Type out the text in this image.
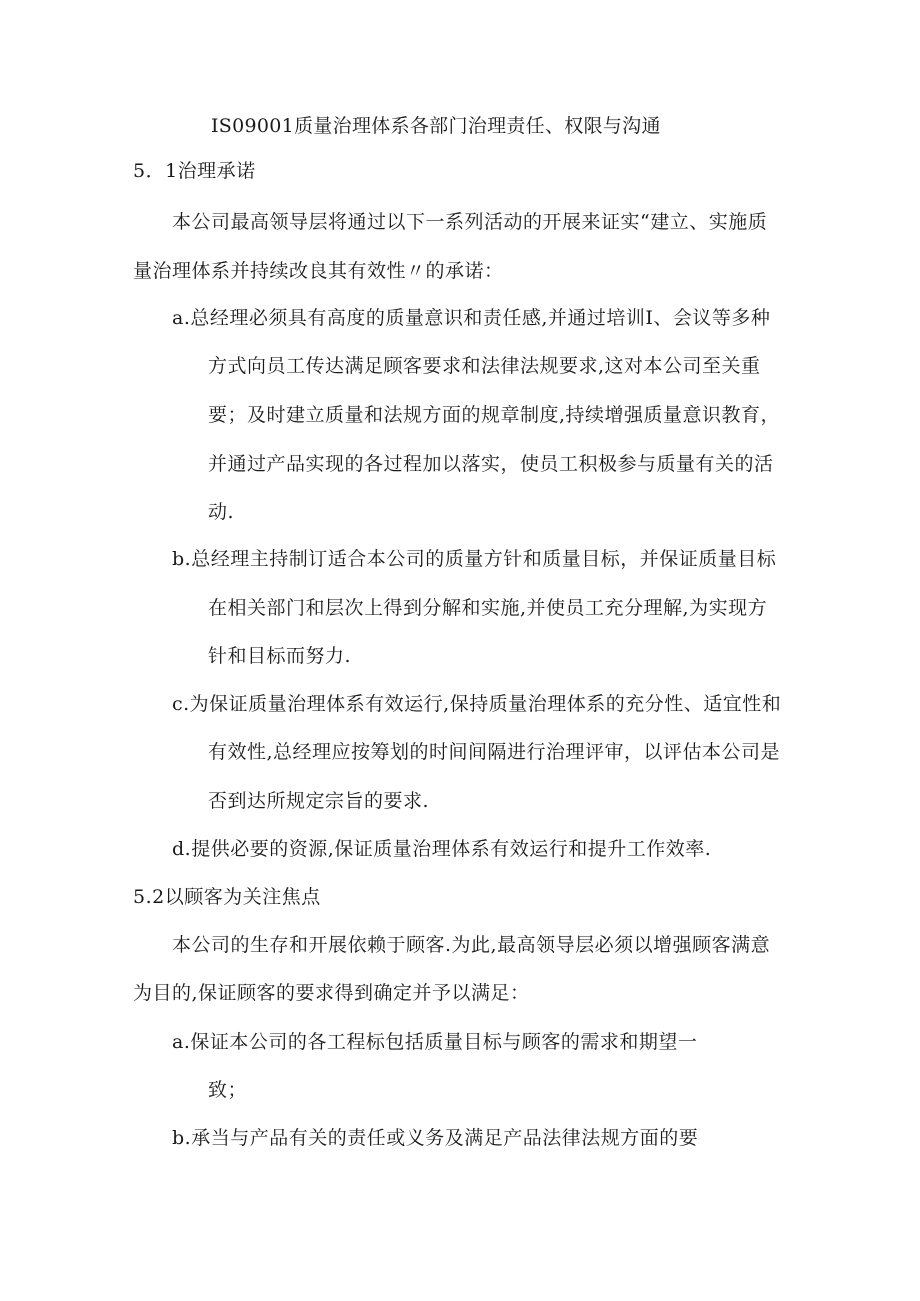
IS09001质量治理体系各部门治理责任、权限与沟通
5．1治理承诺
本公司最高领导层将通过以下一系列活动的开展来证实“建立、实施质
量治理体系并持续改良其有效性〃的承诺：
a.总经理必须具有高度的质量意识和责任感,并通过培训I、会议等多种
方式向员工传达满足顾客要求和法律法规要求,这对本公司至关重
要；及时建立质量和法规方面的规章制度,持续增强质量意识教育，
并通过产品实现的各过程加以落实，使员工积极参与质量有关的活
动.
b.总经理主持制订适合本公司的质量方针和质量目标，并保证质量目标
在相关部门和层次上得到分解和实施,并使员工充分理解,为实现方
针和目标而努力.
c.为保证质量治理体系有效运行,保持质量治理体系的充分性、适宜性和
有效性,总经理应按筹划的时间间隔进行治理评审，以评估本公司是
否到达所规定宗旨的要求.
d.提供必要的资源,保证质量治理体系有效运行和提升工作效率.
5.2以顾客为关注焦点
本公司的生存和开展依赖于顾客.为此,最高领导层必须以增强顾客满意
为目的,保证顾客的要求得到确定并予以满足：
a.保证本公司的各工程标包括质量目标与顾客的需求和期望一
致；
b.承当与产品有关的责任或义务及满足产品法律法规方面的要
